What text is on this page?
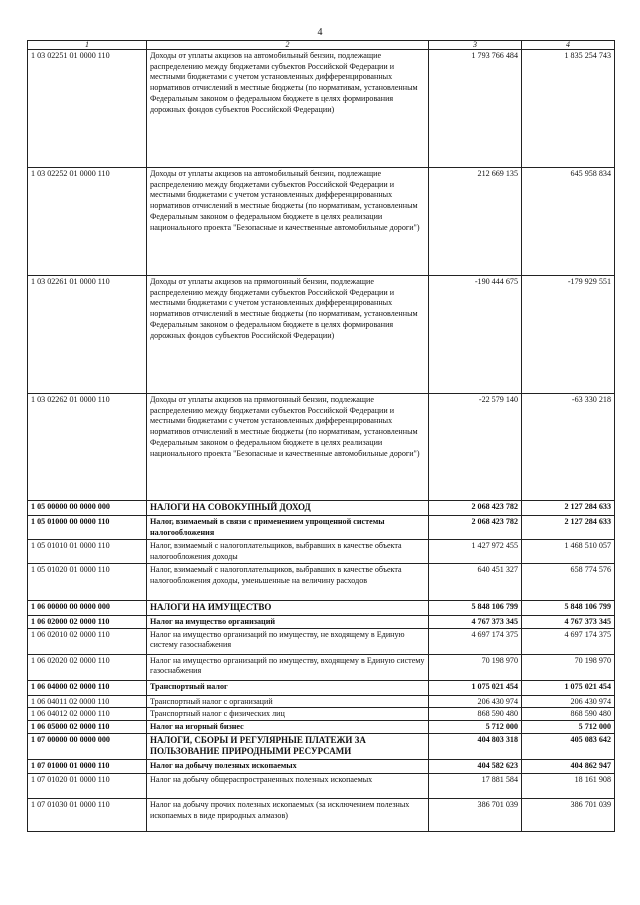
4
1	2	3	4
1 03 02251 01 0000 110	Доходы от уплаты акцизов на автомобильный бензин, подлежащие распределению между бюджетами субъектов Российской Федерации и местными бюджетами с учетом установленных дифференцированных нормативов отчислений в местные бюджеты (по нормативам, установленным Федеральным законом о федеральном бюджете в целях формирования дорожных фондов субъектов Российской Федерации)	1 793 766 484	1 835 254 743
1 03 02252 01 0000 110	Доходы от уплаты акцизов на автомобильный бензин, подлежащие распределению между бюджетами субъектов Российской Федерации и местными бюджетами с учетом установленных дифференцированных нормативов отчислений в местные бюджеты (по нормативам, установленным Федеральным законом о федеральном бюджете в целях реализации национального проекта "Безопасные и качественные автомобильные дороги")	212 669 135	645 958 834
1 03 02261 01 0000 110	Доходы от уплаты акцизов на прямогонный бензин, подлежащие распределению между бюджетами субъектов Российской Федерации и местными бюджетами с учетом установленных дифференцированных нормативов отчислений в местные бюджеты (по нормативам, установленным Федеральным законом о федеральном бюджете в целях формирования дорожных фондов субъектов Российской Федерации)	-190 444 675	-179 929 551
1 03 02262 01 0000 110	Доходы от уплаты акцизов на прямогонный бензин, подлежащие распределению между бюджетами субъектов Российской Федерации и местными бюджетами с учетом установленных дифференцированных нормативов отчислений в местные бюджеты (по нормативам, установленным Федеральным законом о федеральном бюджете в целях реализации национального проекта "Безопасные и качественные автомобильные дороги")	-22 579 140	-63 330 218
1 05 00000 00 0000 000	НАЛОГИ НА СОВОКУПНЫЙ ДОХОД	2 068 423 782	2 127 284 633
1 05 01000 00 0000 110	Налог, взимаемый в связи с применением упрощенной системы налогообложения	2 068 423 782	2 127 284 633
1 05 01010 01 0000 110	Налог, взимаемый с налогоплательщиков, выбравших в качестве объекта налогообложения доходы	1 427 972 455	1 468 510 057
1 05 01020 01 0000 110	Налог, взимаемый с налогоплательщиков, выбравших в качестве объекта налогообложения доходы, уменьшенные на величину расходов	640 451 327	658 774 576
1 06 00000 00 0000 000	НАЛОГИ НА ИМУЩЕСТВО	5 848 106 799	5 848 106 799
1 06 02000 02 0000 110	Налог на имущество организаций	4 767 373 345	4 767 373 345
1 06 02010 02 0000 110	Налог на имущество организаций по имуществу, не входящему в Единую систему газоснабжения	4 697 174 375	4 697 174 375
1 06 02020 02 0000 110	Налог на имущество организаций по имуществу, входящему в Единую систему газоснабжения	70 198 970	70 198 970
1 06 04000 02 0000 110	Транспортный налог	1 075 021 454	1 075 021 454
1 06 04011 02 0000 110	Транспортный налог с организаций	206 430 974	206 430 974
1 06 04012 02 0000 110	Транспортный налог с физических лиц	868 590 480	868 590 480
1 06 05000 02 0000 110	Налог на игорный бизнес	5 712 000	5 712 000
1 07 00000 00 0000 000	НАЛОГИ, СБОРЫ И РЕГУЛЯРНЫЕ ПЛАТЕЖИ ЗА ПОЛЬЗОВАНИЕ ПРИРОДНЫМИ РЕСУРСАМИ	404 803 318	405 083 642
1 07 01000 01 0000 110	Налог на добычу полезных ископаемых	404 582 623	404 862 947
1 07 01020 01 0000 110	Налог на добычу общераспространенных полезных ископаемых	17 881 584	18 161 908
1 07 01030 01 0000 110	Налог на добычу прочих полезных ископаемых (за исключением полезных ископаемых в виде природных алмазов)	386 701 039	386 701 039
